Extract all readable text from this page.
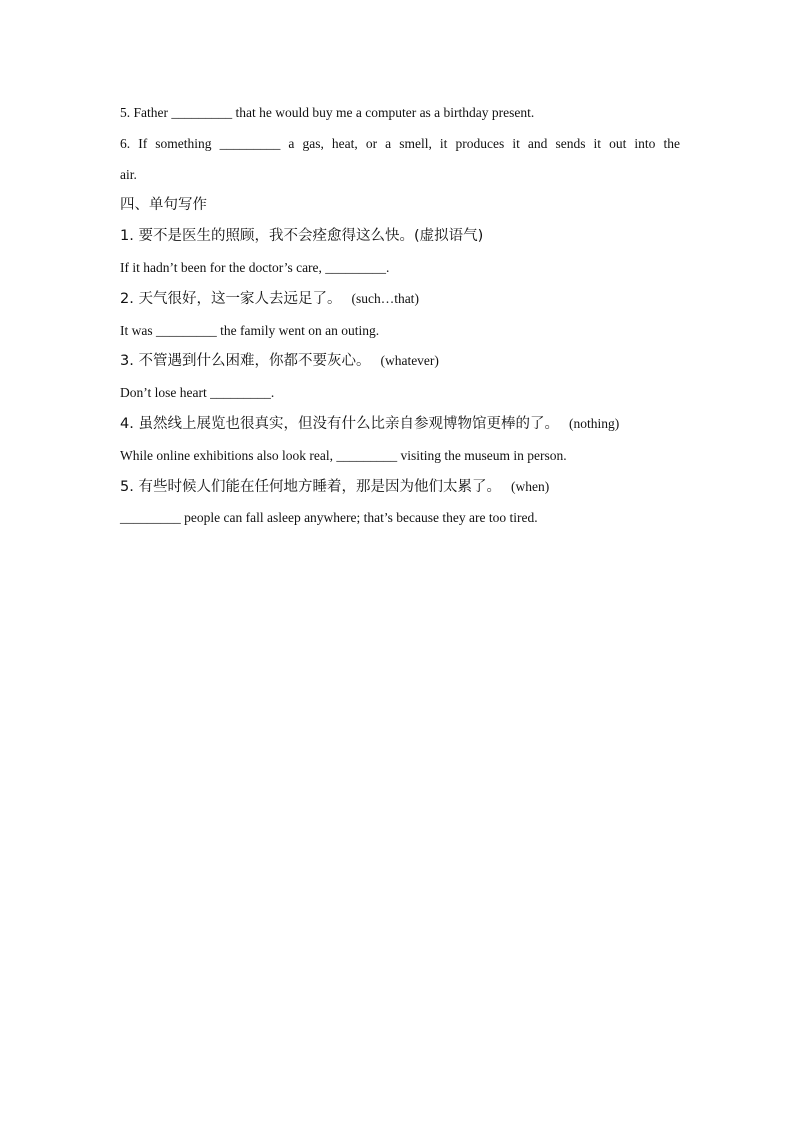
5. Father _________ that he would buy me a computer as a birthday present.
6. If something _________ a gas, heat, or a smell, it produces it and sends it out into the
air.
四、单句写作
1. 要不是医生的照顾，我不会痊愈得这么快。(虚拟语气)
If it hadn’t been for the doctor’s care, _________.
2. 天气很好，这一家人去远足了。 (such…that)
It was _________ the family went on an outing.
3. 不管遇到什么困难，你都不要灰心。 (whatever)
Don’t lose heart _________.
4. 虽然线上展览也很真实，但没有什么比亲自参观博物馆更棒的了。 (nothing)
While online exhibitions also look real, _________ visiting the museum in person.
5. 有些时候人们能在任何地方睡着，那是因为他们太累了。 (when)
_________ people can fall asleep anywhere; that’s because they are too tired.
